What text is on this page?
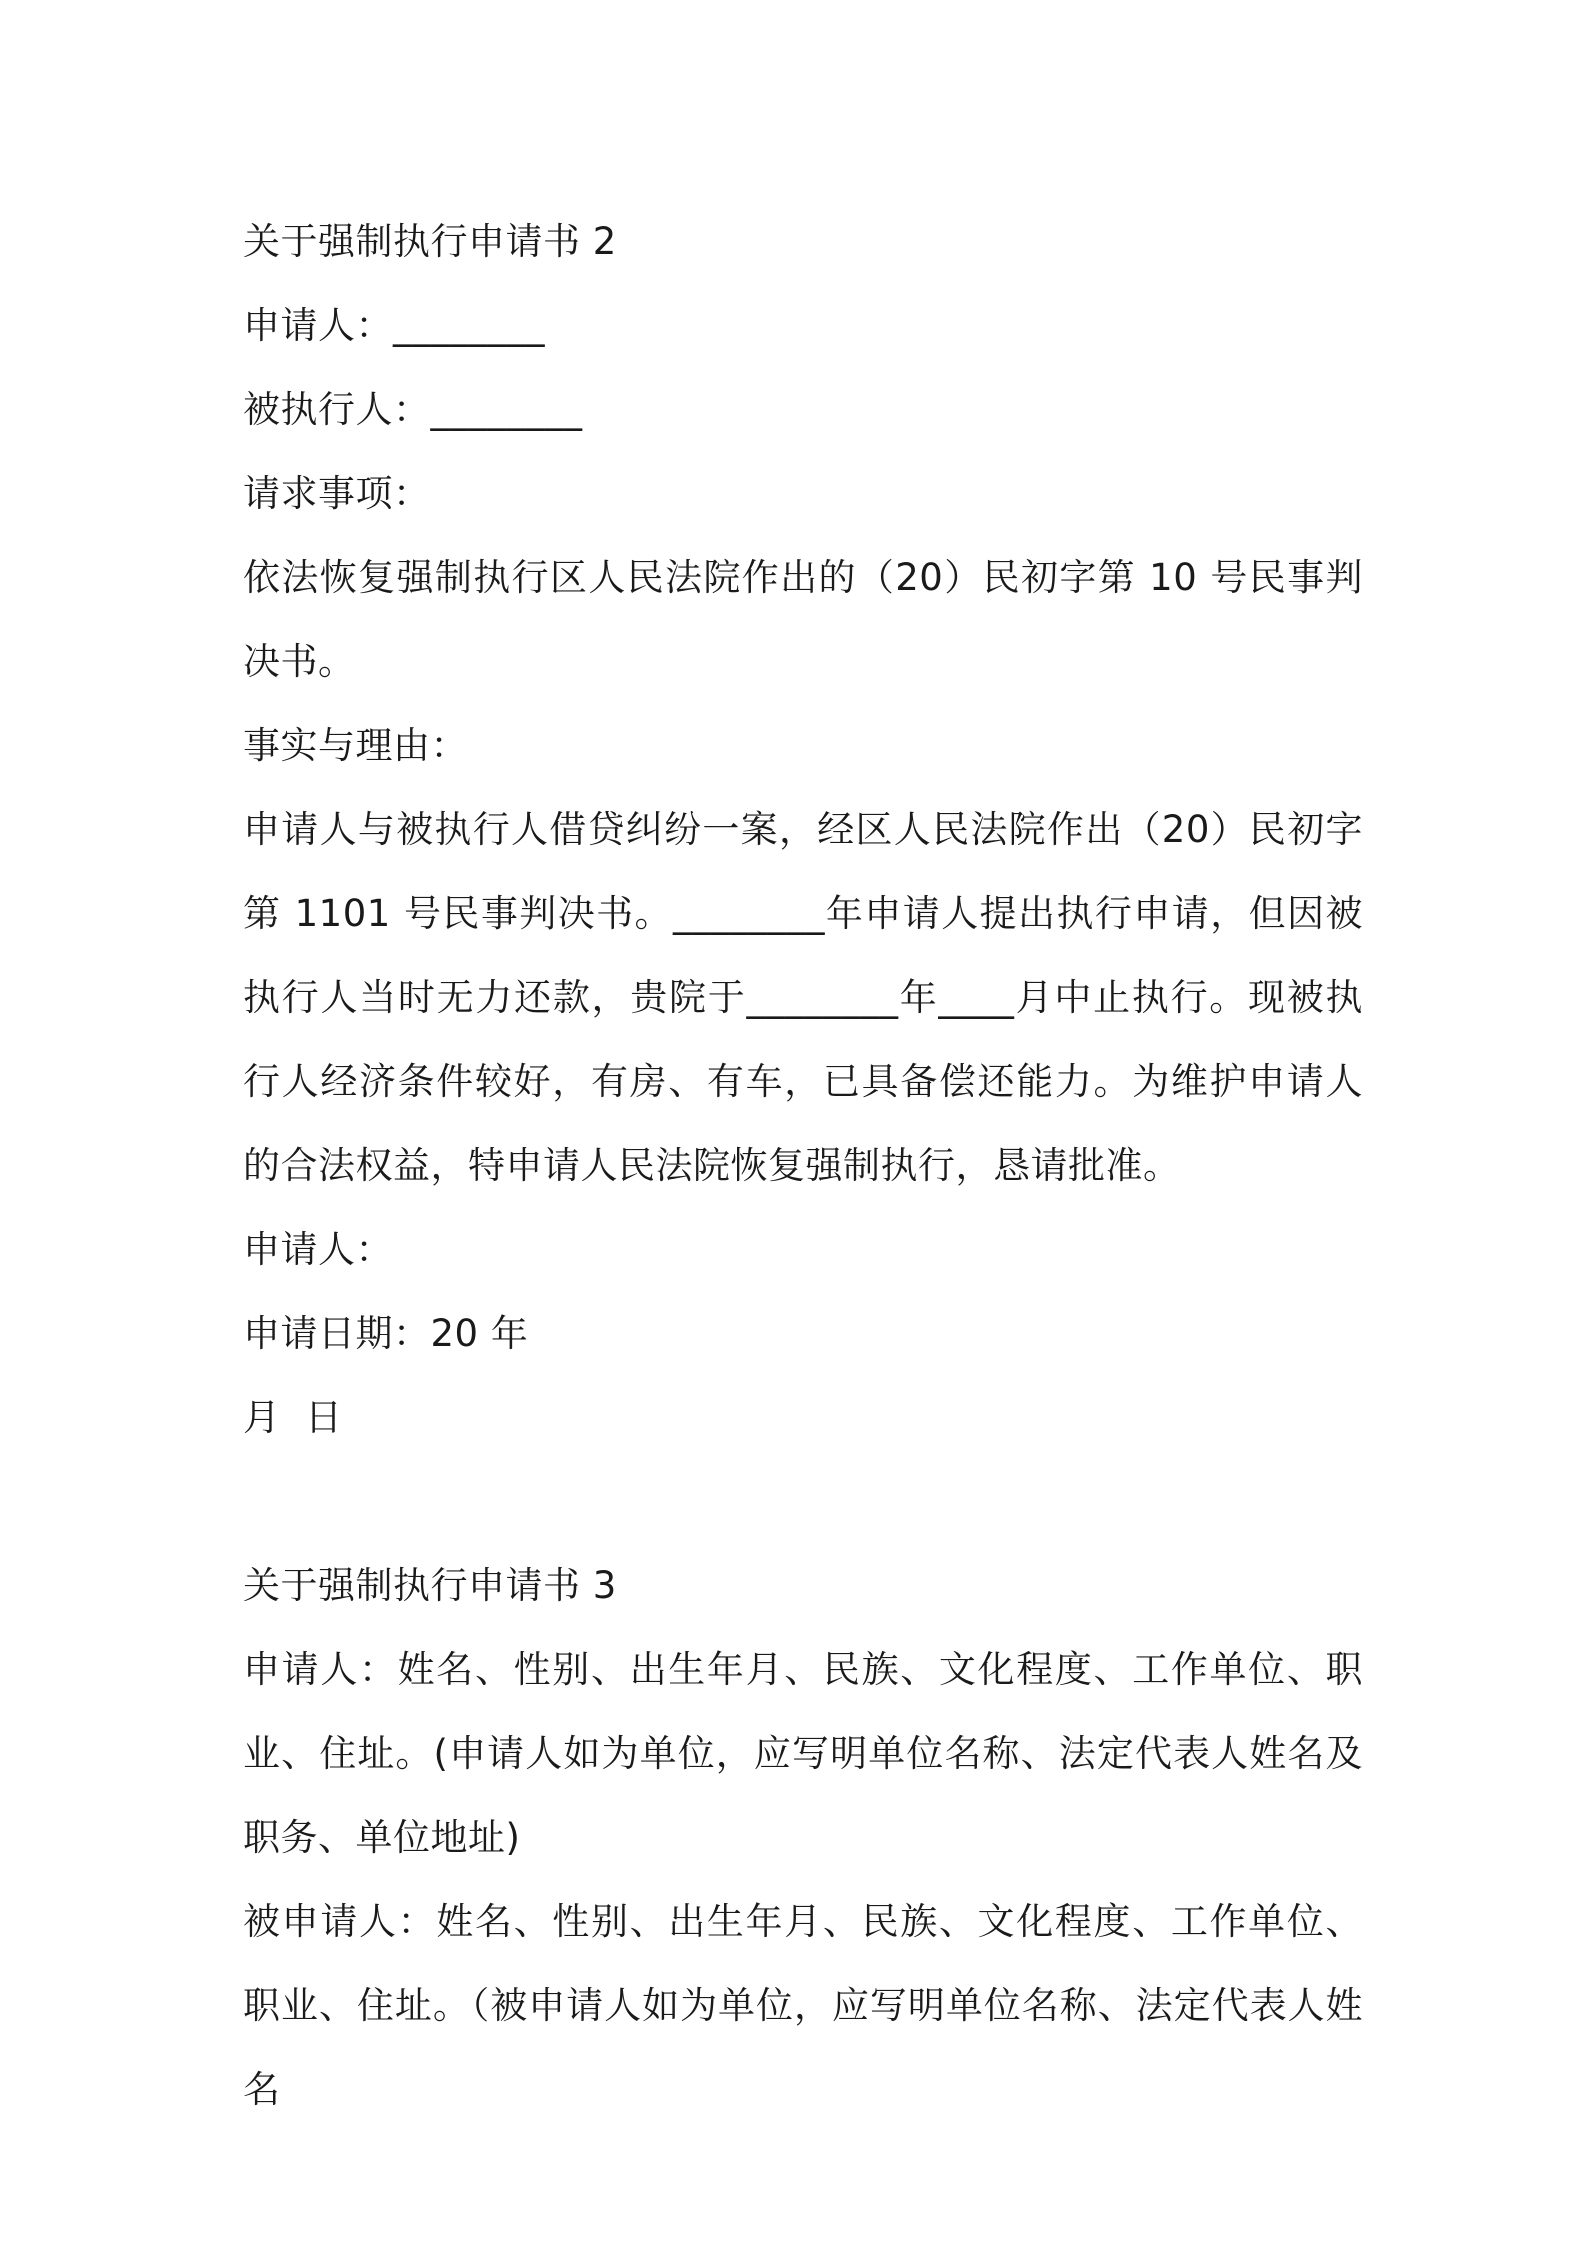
关于强制执行申请书 2
申请人：________
被执行人：________
请求事项：
依法恢复强制执行区人民法院作出的（20）民初字第 10 号民事判决书。
事实与理由：
申请人与被执行人借贷纠纷一案，经区人民法院作出（20）民初字第 1101 号民事判决书。________年申请人提出执行申请，但因被执行人当时无力还款，贵院于________年____月中止执行。现被执行人经济条件较好，有房、有车，已具备偿还能力。为维护申请人的合法权益，特申请人民法院恢复强制执行，恳请批准。
申请人：
申请日期：20 年
月  日
关于强制执行申请书 3
申请人：姓名、性别、出生年月、民族、文化程度、工作单位、职业、住址。(申请人如为单位，应写明单位名称、法定代表人姓名及职务、单位地址)
被申请人：姓名、性别、出生年月、民族、文化程度、工作单位、职业、住址。（被申请人如为单位，应写明单位名称、法定代表人姓名
